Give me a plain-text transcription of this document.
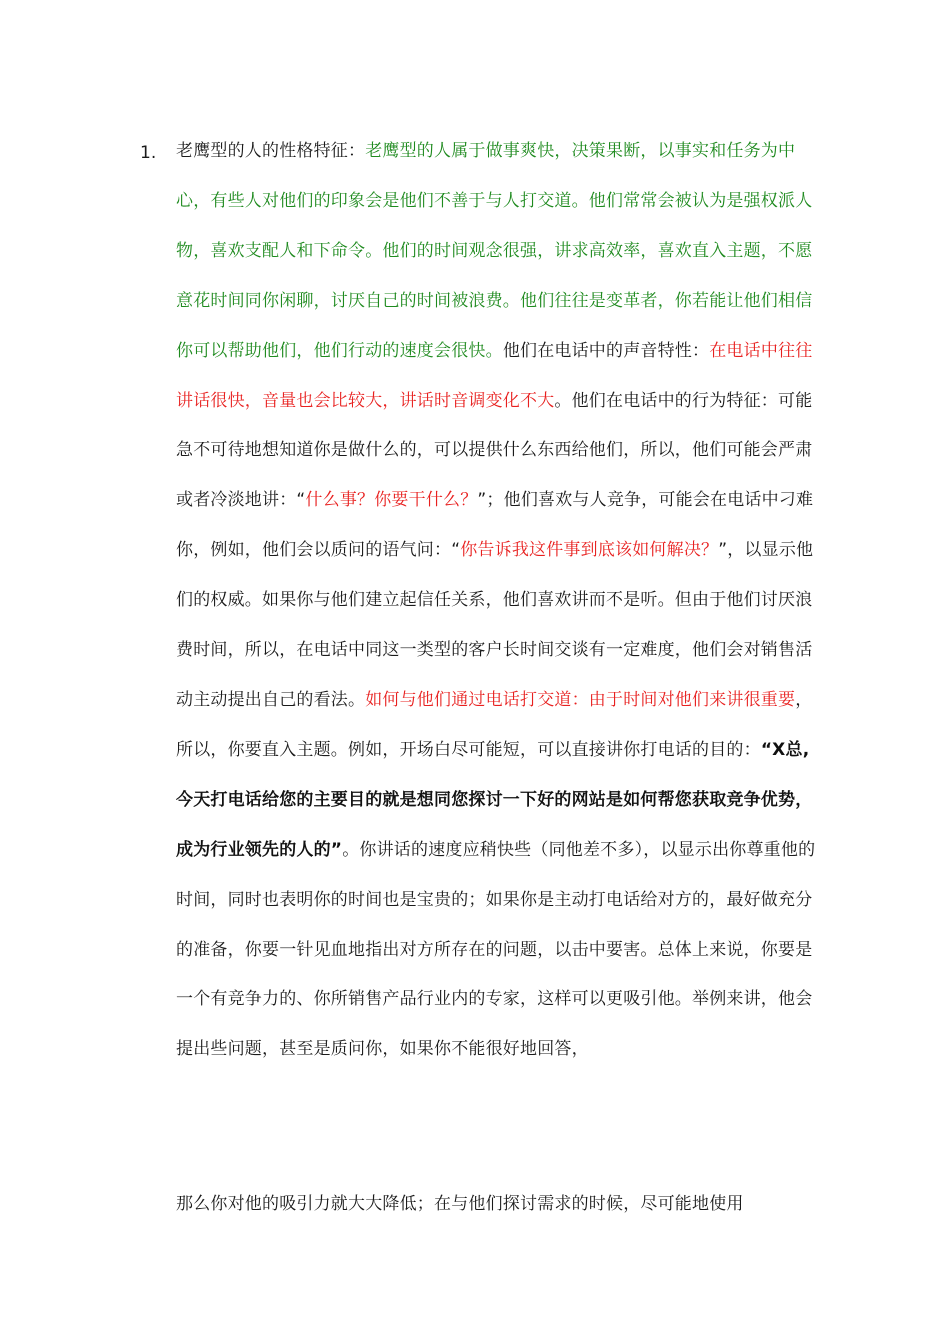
1. 老鹰型的人的性格特征：老鹰型的人属于做事爽快，决策果断，以事实和任务为中心，有些人对他们的印象会是他们不善于与人打交道。他们常常会被认为是强权派人物，喜欢支配人和下命令。他们的时间观念很强，讲求高效率，喜欢直入主题，不愿意花时间同你闲聊，讨厌自己的时间被浪费。他们往往是变革者，你若能让他们相信你可以帮助他们，他们行动的速度会很快。他们在电话中的声音特性：在电话中往往讲话很快，音量也会比较大，讲话时音调变化不大。他们在电话中的行为特征：可能急不可待地想知道你是做什么的，可以提供什么东西给他们，所以，他们可能会严肃或者冷淡地讲：“什么事？你要干什么？”；他们喜欢与人竞争，可能会在电话中刁难你，例如，他们会以质问的语气问：“你告诉我这件事到底该如何解决？”，以显示他们的权威。如果你与他们建立起信任关系，他们喜欢讲而不是听。但由于他们讨厌浪费时间，所以，在电话中同这一类型的客户长时间交谈有一定难度，他们会对销售活动主动提出自己的看法。如何与他们通过电话打交道：由于时间对他们来讲很重要，所以，你要直入主题。例如，开场白尽可能短，可以直接讲你打电话的目的：“X总,今天打电话给您的主要目的就是想同您探讨一下好的网站是如何帮您获取竞争优势，成为行业领先的人的”。你讲话的速度应稍快些（同他差不多），以显示出你尊重他的时间，同时也表明你的时间也是宝贵的；如果你是主动打电话给对方的，最好做充分的准备，你要一针见血地指出对方所存在的问题，以击中要害。总体上来说，你要是一个有竞争力的、你所销售产品行业内的专家，这样可以更吸引他。举例来讲，他会提出些问题，甚至是质问你，如果你不能很好地回答，

那么你对他的吸引力就大大降低；在与他们探讨需求的时候，尽可能地使用
